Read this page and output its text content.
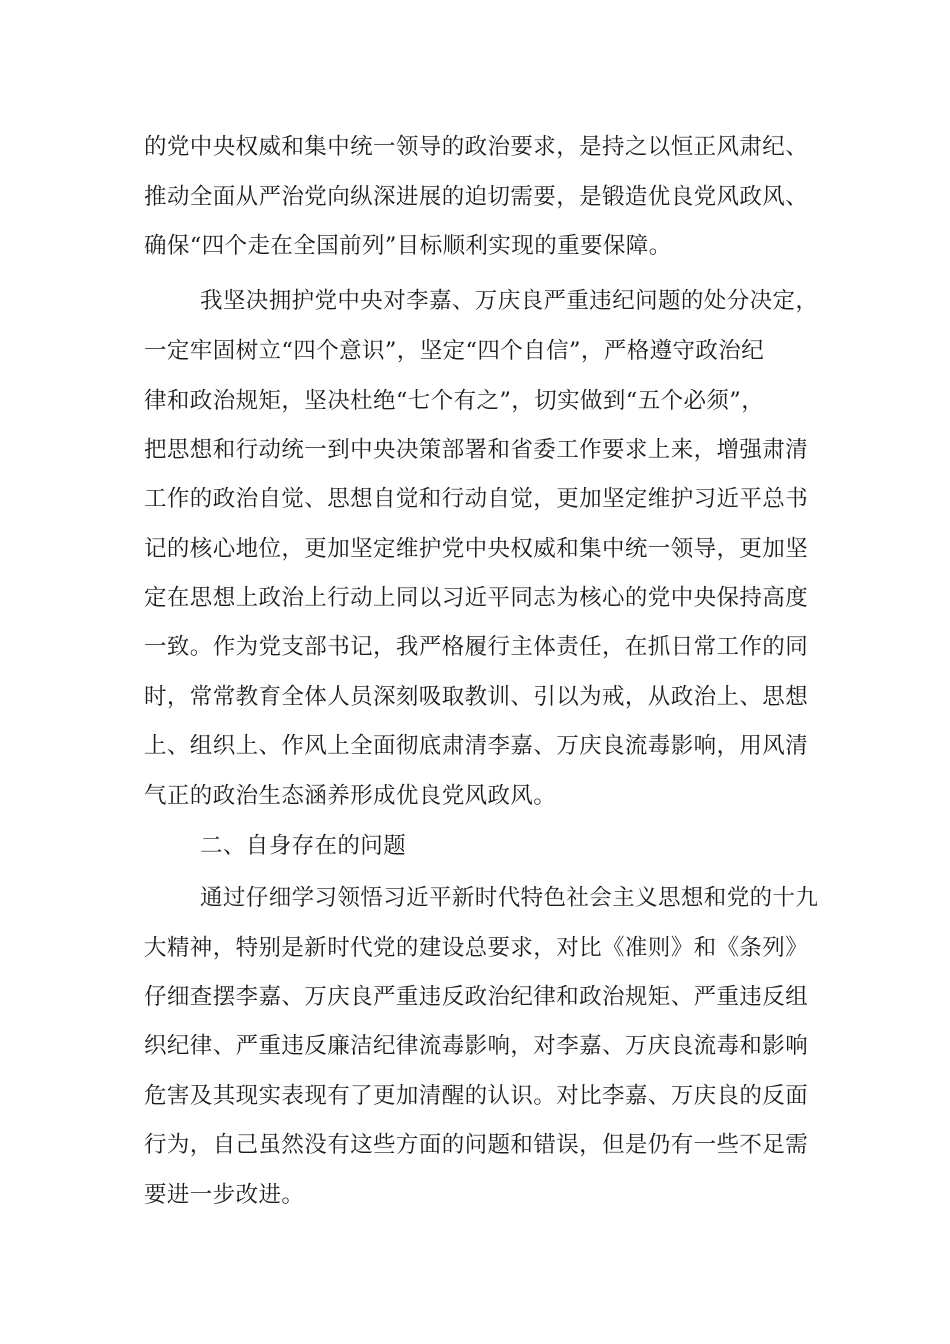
的党中央权威和集中统一领导的政治要求，是持之以恒正风肃纪、
推动全面从严治党向纵深进展的迫切需要，是锻造优良党风政风、
确保“四个走在全国前列”目标顺利实现的重要保障。
我坚决拥护党中央对李嘉、万庆良严重违纪问题的处分决定，
一定牢固树立“四个意识”，坚定“四个自信”，严格遵守政治纪
律和政治规矩，坚决杜绝“七个有之”，切实做到“五个必须”，
把思想和行动统一到中央决策部署和省委工作要求上来，增强肃清
工作的政治自觉、思想自觉和行动自觉，更加坚定维护习近平总书
记的核心地位，更加坚定维护党中央权威和集中统一领导，更加坚
定在思想上政治上行动上同以习近平同志为核心的党中央保持高度
一致。作为党支部书记，我严格履行主体责任，在抓日常工作的同
时，常常教育全体人员深刻吸取教训、引以为戒，从政治上、思想
上、组织上、作风上全面彻底肃清李嘉、万庆良流毒影响，用风清
气正的政治生态涵养形成优良党风政风。
二、自身存在的问题
通过仔细学习领悟习近平新时代特色社会主义思想和党的十九
大精神，特别是新时代党的建设总要求，对比《准则》和《条列》
仔细查摆李嘉、万庆良严重违反政治纪律和政治规矩、严重违反组
织纪律、严重违反廉洁纪律流毒影响，对李嘉、万庆良流毒和影响
危害及其现实表现有了更加清醒的认识。对比李嘉、万庆良的反面
行为，自己虽然没有这些方面的问题和错误，但是仍有一些不足需
要进一步改进。
